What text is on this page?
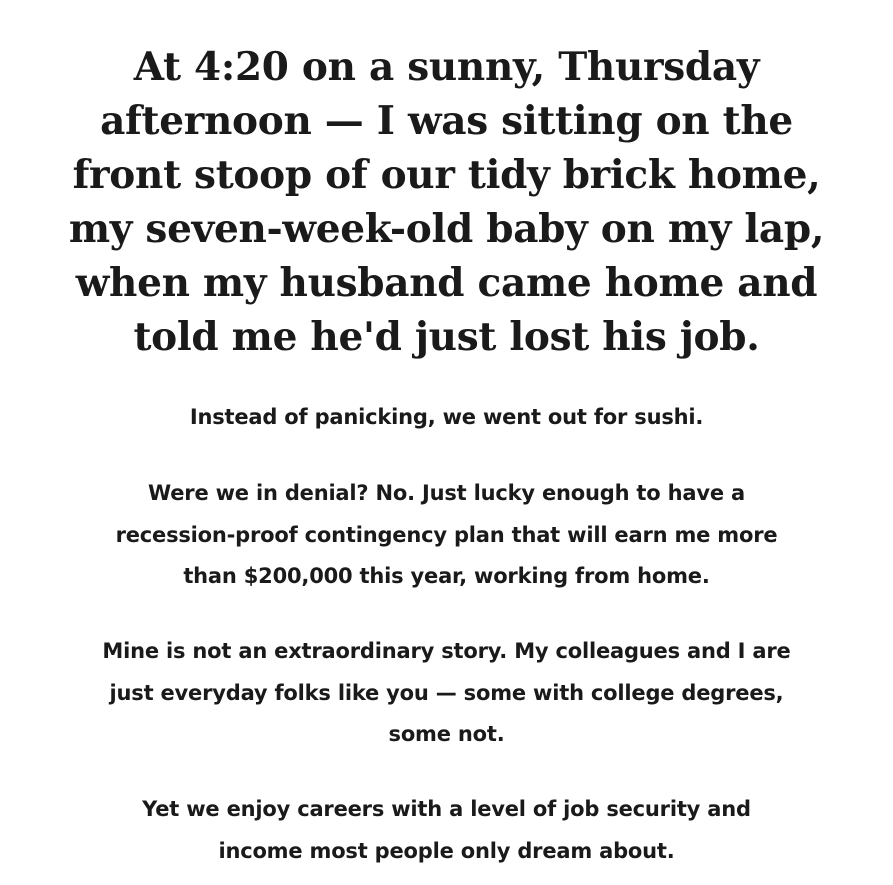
At 4:20 on a sunny, Thursday afternoon — I was sitting on the front stoop of our tidy brick home, my seven-week-old baby on my lap, when my husband came home and told me he'd just lost his job.

Instead of panicking, we went out for sushi.

Were we in denial? No. Just lucky enough to have a recession-proof contingency plan that will earn me more than $200,000 this year, working from home.

Mine is not an extraordinary story. My colleagues and I are just everyday folks like you — some with college degrees, some not.

Yet we enjoy careers with a level of job security and income most people only dream about.
